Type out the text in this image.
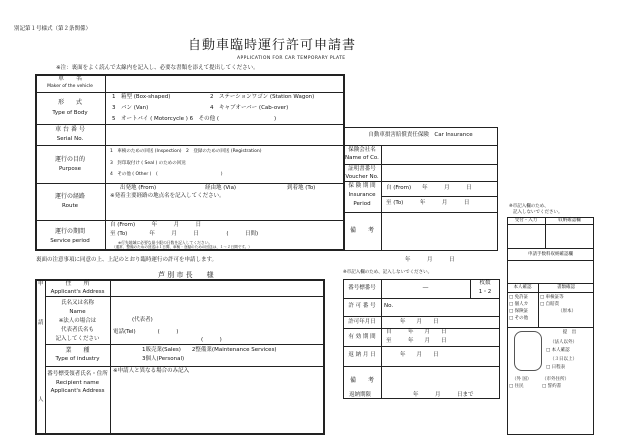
別記第１号様式（第２条関係）
自動車臨時運行許可申請書
APPLICATION FOR CAR TEMPORARY PLATE
※注：裏面をよく読んで太線内を記入し、必要な書類を添えて提出してください。
車　　名
Maker of the vehicle
形　　式
Type of Body
1　箱型 (Box-shaped)	2　ステーションワゴン (Station Wagon)
3　バン (Van)	4　キャブオーバー (Cab-over)
5　オートバイ ( Motorcycle ) 6　その他 (　　　　　　　　　　)
車 台 番 号
Serial No.
運行の目的
Purpose
1　車検のための回送 (Inspection)　2　登録のための回送 (Registration)
3　封印取付け ( Seal ) のための回送
4　その他 ( Other )　(　　　　　　　　　　　　　　)
運行の経路
Route
出発地 (From)	経由地 (Via)	到着地 (To)
※発着主要経路の地点名を記入してください。
運行の期間
Service period
自 (From)　　　年　　　月　　　日
至 (To)　　　　年　　　月　　　日　　　　　(　　　日間)
※行先地域に必要な最小限の日数を記入してください。
（通常、整備のための回送は１日間、車検・登録のための回送は、１～２日間です。）
裏面の注意事項に同意の上、上記のとおり臨時運行の許可を申請します。	年　　　月　　　日
芦 別 市 長　　様
申
請
人
住　　所
Applicant's Address
氏名又は名称
Name
※法人の場合は
代表者氏名も
記入してください
(代表者)
電話(Tel)　　　　(　　　)
(　　　)
業　　種
Type of industry
1販売業(Sales)　　2整備業(Maintenance Services)
3個人(Personal)
番号標受領者氏名・住所
Recipient name
Applicant's Address
※申請人と異なる場合のみ記入
自動車損害賠償責任保険　Car Insurance
保険会社名
Name of Co.
証明書番号
Voucher No.
保 険 期 間
Insurance
Period
自 (From)　　年　　　月　　　日
至 (To)　　　年　　　月　　　日
備　　考
※市記入欄のため、
記入しないでください。
受付・入力	収納確認欄
申請手数料収納確認欄
本人確認	書類確認
□ 免許証
□ 個人カ
□ 保険証
□ その他
□ 車検証等
□ 自賠責
（原本）
提　出
（法人以外）
□ 本人確認
（３日以上）
□ 日程表
（外 国）
□ 住民
（市外住所）
□ 誓約書
※市記入欄のため、記入しないでください。
番号標番号	―
枚数
1・2
許 可 番 号	No.
許可年月日	年　　月　　日
有 効 期 間
自　　　年　　月　　日
至　　　年　　月　　日
返 納 月 日	年　　月　　日
備　　考
返納期限	年　　　月　　　日まで
